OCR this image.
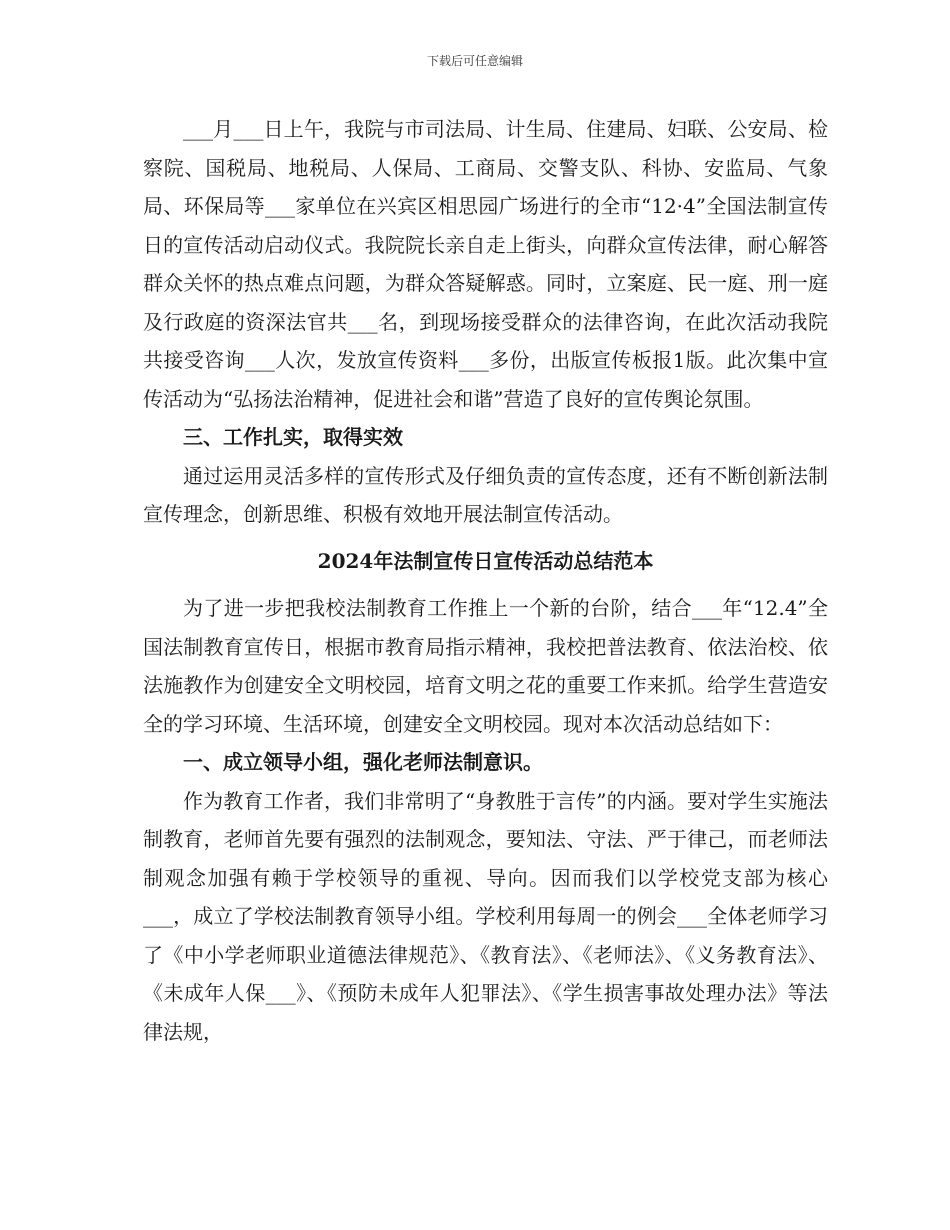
下载后可任意编辑

___月___日上午，我院与市司法局、计生局、住建局、妇联、公安局、检察院、国税局、地税局、人保局、工商局、交警支队、科协、安监局、气象局、环保局等___家单位在兴宾区相思园广场进行的全市“12·4”全国法制宣传日的宣传活动启动仪式。我院院长亲自走上街头，向群众宣传法律，耐心解答群众关怀的热点难点问题，为群众答疑解惑。同时，立案庭、民一庭、刑一庭及行政庭的资深法官共___名，到现场接受群众的法律咨询，在此次活动我院共接受咨询___人次，发放宣传资料___多份，出版宣传板报1版。此次集中宣传活动为“弘扬法治精神，促进社会和谐”营造了良好的宣传舆论氛围。

三、工作扎实，取得实效

通过运用灵活多样的宣传形式及仔细负责的宣传态度，还有不断创新法制宣传理念，创新思维、积极有效地开展法制宣传活动。

2024年法制宣传日宣传活动总结范本

为了进一步把我校法制教育工作推上一个新的台阶，结合___年“12.4”全国法制教育宣传日，根据市教育局指示精神，我校把普法教育、依法治校、依法施教作为创建安全文明校园，培育文明之花的重要工作来抓。给学生营造安全的学习环境、生活环境，创建安全文明校园。现对本次活动总结如下：

一、成立领导小组，强化老师法制意识。

作为教育工作者，我们非常明了“身教胜于言传”的内涵。要对学生实施法制教育，老师首先要有强烈的法制观念，要知法、守法、严于律己，而老师法制观念加强有赖于学校领导的重视、导向。因而我们以学校党支部为核心___，成立了学校法制教育领导小组。学校利用每周一的例会___全体老师学习了《中小学老师职业道德法律规范》、《教育法》、《老师法》、《义务教育法》、《未成年人保___》、《预防未成年人犯罪法》、《学生损害事故处理办法》等法律法规，
